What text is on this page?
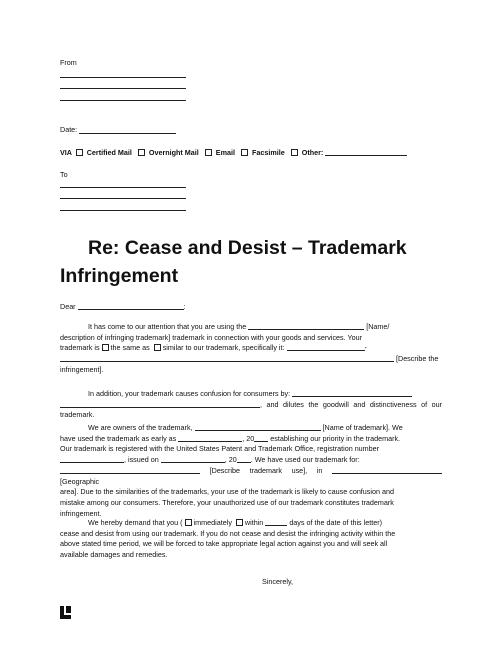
From
Date:
VIA Certified Mail Overnight Mail Email Facsimile Other:
To
Re: Cease and Desist – Trademark
Infringement
Dear	:
It has come to our attention that you are using the	[Name/
description of infringing trademark] trademark in connection with your goods and services. Your
trademark is the same as similar to our trademark, specifically it:	-
[Describe the
infringement].
In addition, your trademark causes confusion for consumers by:
, and dilutes the goodwill and distinctiveness of our trademark.
We are owners of the trademark,	[Name of trademark]. We
have used the trademark as early as	, 20 establishing our priority in the trademark.
Our trademark is registered with the United States Patent and Trademark Office, registration number
, issued on	, 20 . We have used our trademark for:
[Describe trademark use], in  [Geographic
area]. Due to the similarities of the trademarks, your use of the trademark is likely to cause confusion and
mistake among our consumers. Therefore, your unauthorized use of our trademark constitutes trademark
infringement.
We hereby demand that you ( immediately within	days of the date of this letter)
cease and desist from using our trademark. If you do not cease and desist the infringing activity within the
above stated time period, we will be forced to take appropriate legal action against you and will seek all
available damages and remedies.
Sincerely,
